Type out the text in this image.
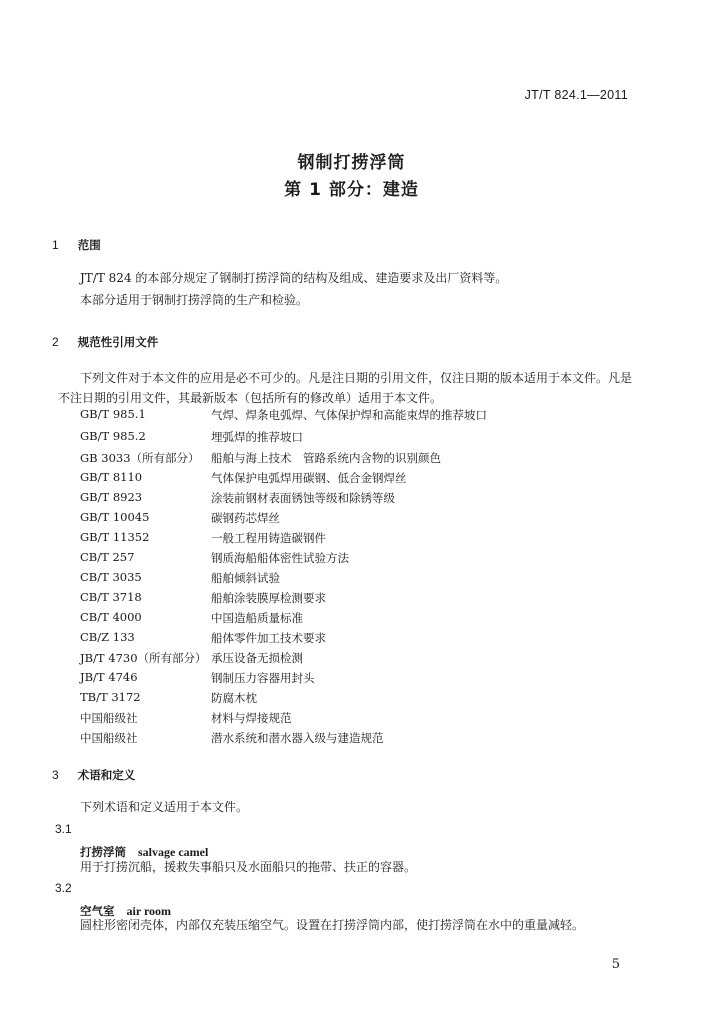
JT/T 824.1—2011
钢制打捞浮筒
第 1 部分：建造
1 范围
JT/T 824 的本部分规定了钢制打捞浮筒的结构及组成、建造要求及出厂资料等。
本部分适用于钢制打捞浮筒的生产和检验。
2 规范性引用文件
下列文件对于本文件的应用是必不可少的。凡是注日期的引用文件，仅注日期的版本适用于本文件。凡是不注日期的引用文件，其最新版本（包括所有的修改单）适用于本文件。
GB/T 985.1	气焊、焊条电弧焊、气体保护焊和高能束焊的推荐坡口
GB/T 985.2	埋弧焊的推荐坡口
GB 3033（所有部分） 船舶与海上技术　管路系统内含物的识别颜色
GB/T 8110	气体保护电弧焊用碳钢、低合金钢焊丝
GB/T 8923	涂装前钢材表面锈蚀等级和除锈等级
GB/T 10045	碳钢药芯焊丝
GB/T 11352	一般工程用铸造碳钢件
CB/T 257	钢质海船船体密性试验方法
CB/T 3035	船舶倾斜试验
CB/T 3718	船舶涂装膜厚检测要求
CB/T 4000	中国造船质量标准
CB/Z 133	船体零件加工技术要求
JB/T 4730（所有部分） 承压设备无损检测
JB/T 4746	钢制压力容器用封头
TB/T 3172	防腐木枕
中国船级社	材料与焊接规范
中国船级社	潜水系统和潜水器入级与建造规范
3 术语和定义
下列术语和定义适用于本文件。
3.1
打捞浮筒 salvage camel
用于打捞沉船，援救失事船只及水面船只的拖带、扶正的容器。
3.2
空气室 air room
圆柱形密闭壳体，内部仅充装压缩空气。设置在打捞浮筒内部，使打捞浮筒在水中的重量减轻。
5
